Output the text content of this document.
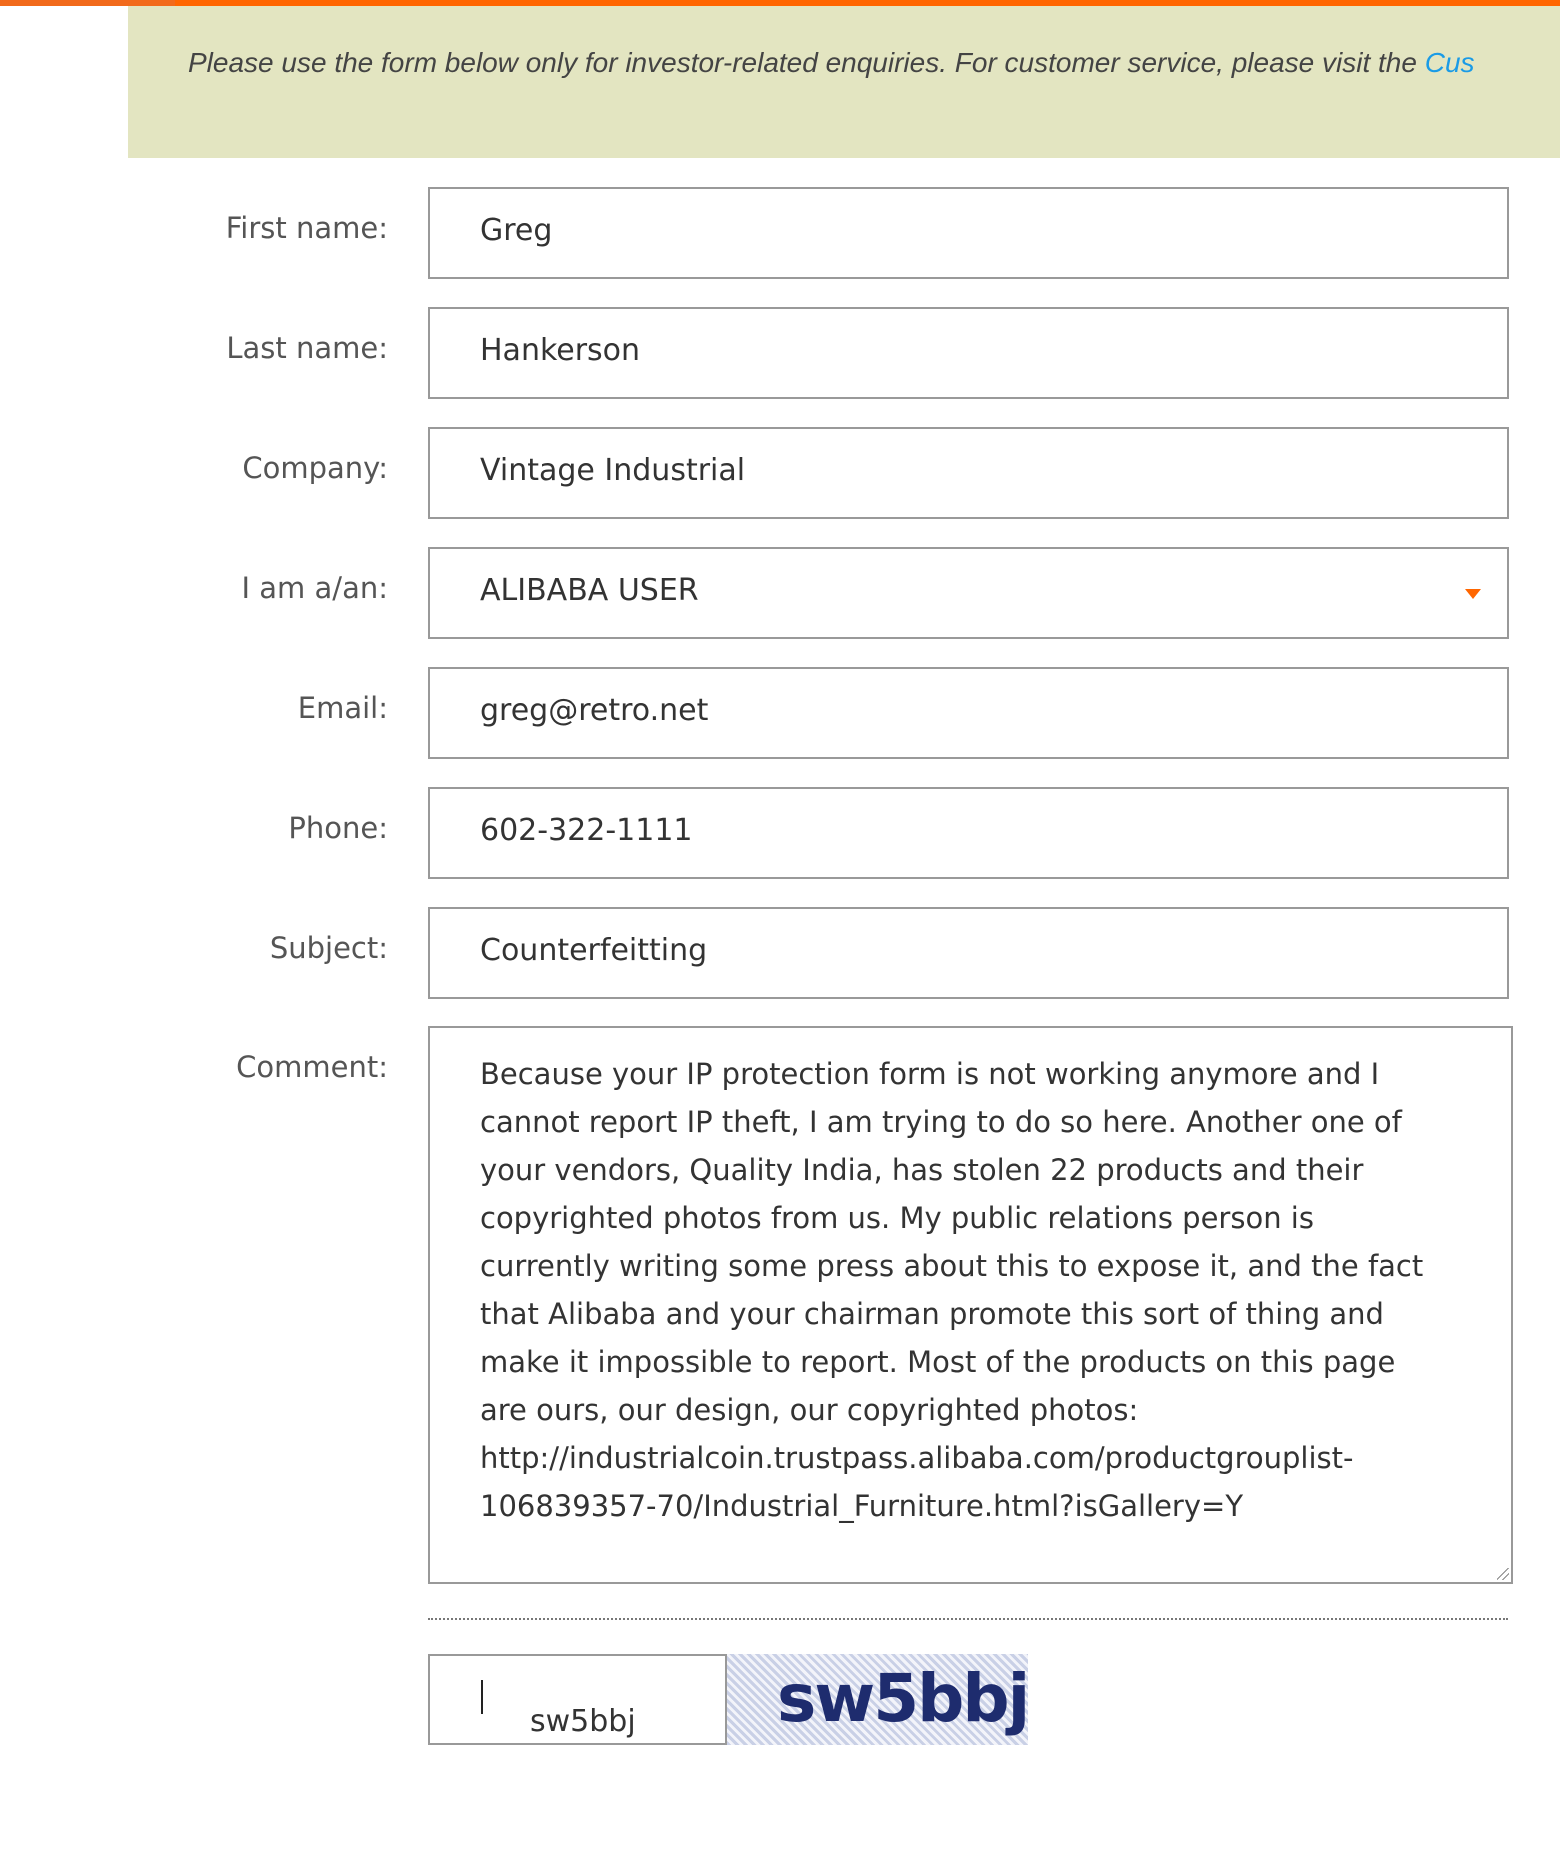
Please use the form below only for investor-related enquiries. For customer service, please visit the Cus

First name:	Greg
Last name:	Hankerson
Company:	Vintage Industrial
I am a/an:	ALIBABA USER
Email:	greg@retro.net
Phone:	602-322-1111
Subject:	Counterfeitting
Comment:	Because your IP protection form is not working anymore and I cannot report IP theft, I am trying to do so here. Another one of your vendors, Quality India, has stolen 22 products and their copyrighted photos from us. My public relations person is currently writing some press about this to expose it, and the fact that Alibaba and your chairman promote this sort of thing and make it impossible to report. Most of the products on this page are ours, our design, our copyrighted photos: http://industrialcoin.trustpass.alibaba.com/productgrouplist-106839357-70/Industrial_Furniture.html?isGallery=Y
sw5bbj sw5bbj
